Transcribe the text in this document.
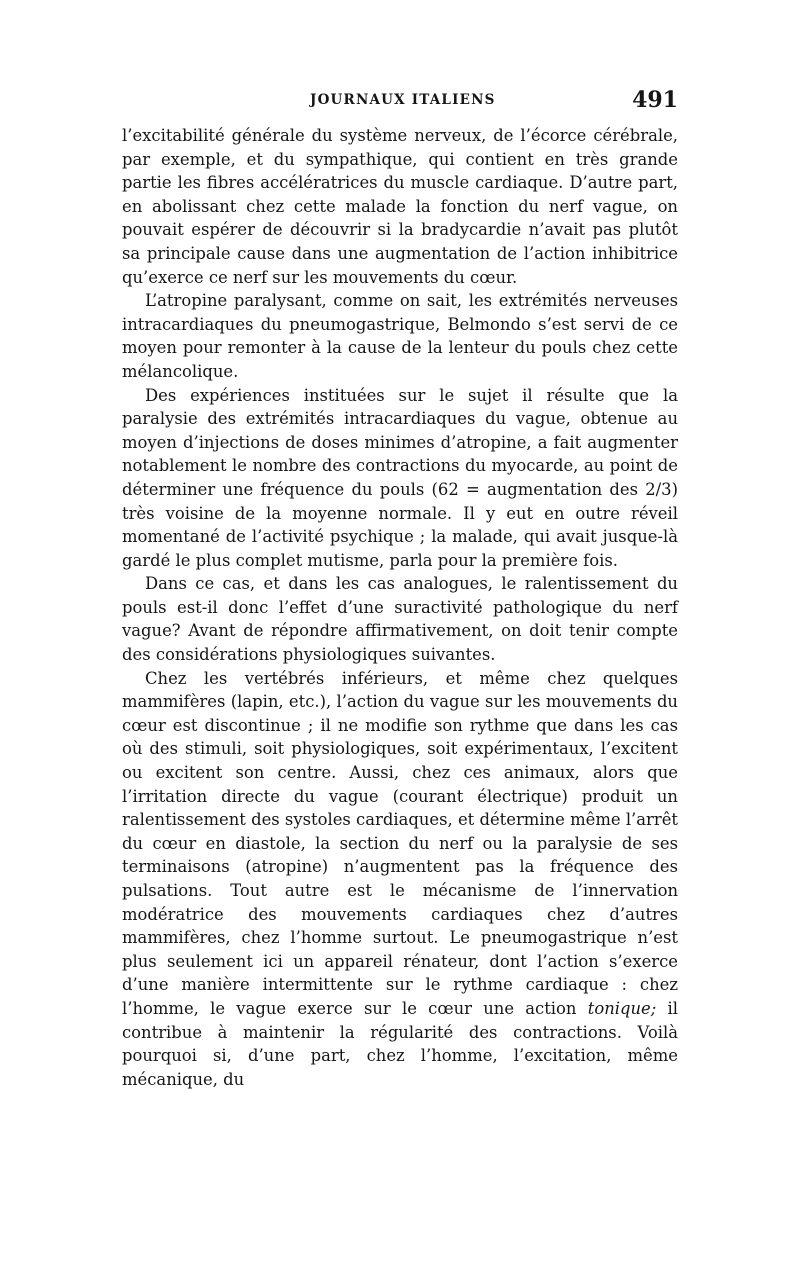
JOURNAUX ITALIENS	491

l’excitabilité générale du système nerveux, de l’écorce cérébrale, par exemple, et du sympathique, qui contient en très grande partie les fibres accélératrices du muscle cardiaque. D’autre part, en abolissant chez cette malade la fonction du nerf vague, on pouvait espérer de découvrir si la bradycardie n’avait pas plutôt sa principale cause dans une augmentation de l’action inhibitrice qu’exerce ce nerf sur les mouvements du cœur.

L’atropine paralysant, comme on sait, les extrémités nerveuses intracardiaques du pneumogastrique, Belmondo s’est servi de ce moyen pour remonter à la cause de la lenteur du pouls chez cette mélancolique.

Des expériences instituées sur le sujet il résulte que la paralysie des extrémités intracardiaques du vague, obtenue au moyen d’injections de doses minimes d’atropine, a fait augmenter notablement le nombre des contractions du myocarde, au point de déterminer une fréquence du pouls (62 = augmentation des 2/3) très voisine de la moyenne normale. Il y eut en outre réveil momentané de l’activité psychique ; la malade, qui avait jusque-là gardé le plus complet mutisme, parla pour la première fois.

Dans ce cas, et dans les cas analogues, le ralentissement du pouls est-il donc l’effet d’une suractivité pathologique du nerf vague? Avant de répondre affirmativement, on doit tenir compte des considérations physiologiques suivantes.

Chez les vertébrés inférieurs, et même chez quelques mammifères (lapin, etc.), l’action du vague sur les mouvements du cœur est discontinue ; il ne modifie son rythme que dans les cas où des stimuli, soit physiologiques, soit expérimentaux, l’excitent ou excitent son centre. Aussi, chez ces animaux, alors que l’irritation directe du vague (courant électrique) produit un ralentissement des systoles cardiaques, et détermine même l’arrêt du cœur en diastole, la section du nerf ou la paralysie de ses terminaisons (atropine) n’augmentent pas la fréquence des pulsations. Tout autre est le mécanisme de l’innervation modératrice des mouvements cardiaques chez d’autres mammifères, chez l’homme surtout. Le pneumogastrique n’est plus seulement ici un appareil rénateur, dont l’action s’exerce d’une manière intermittente sur le rythme cardiaque : chez l’homme, le vague exerce sur le cœur une action tonique; il contribue à maintenir la régularité des contractions. Voilà pourquoi si, d’une part, chez l’homme, l’excitation, même mécanique, du
